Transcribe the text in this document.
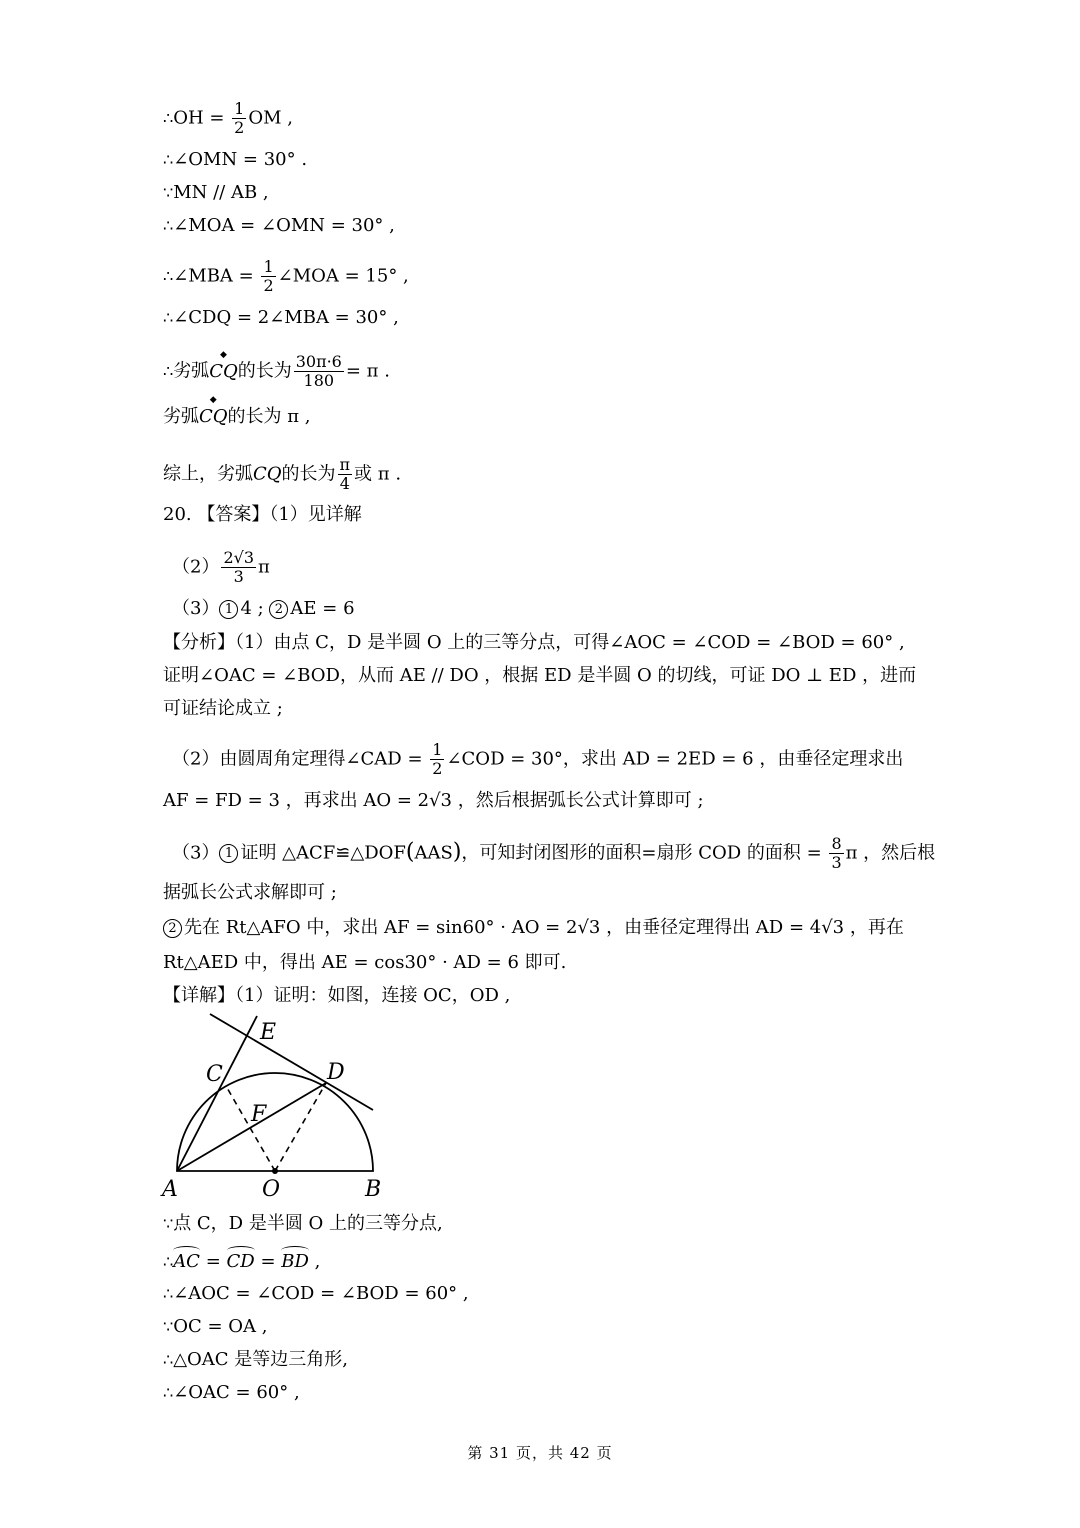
∴OH = $\frac{1}{2}$ OM ,
∴∠OMN = 30° .
∵MN // AB ,
∴∠MOA = ∠OMN = 30° ,
∴∠MBA = $\frac{1}{2}$ ∠MOA = 15° ,
∴∠CDQ = 2∠MBA = 30° ,
∴劣弧
◆
CQ的长为 $\frac{30\pi\cdot 6}{180} = \pi$ .
劣弧
◆
CQ的长为 π ,
综上，劣弧CQ的长为 $\frac{\pi}{4}$ 或 π .
20. 【答案】（1）见详解
$(2) \frac{2√3}{3}$ π
（3） 1 4 ; 2 AE = 6
【分析】（1）由点 C，D 是半圆 O 上的三等分点，可得∠AOC = ∠COD = ∠BOD = 60° ,
证明∠OAC = ∠BOD，从而 AE // DO ，根据 ED 是半圆 O 的切线，可证 DO ⊥ ED ，进而
可证结论成立 ;
（2）由圆周角定理得∠CAD = $\frac{1}{2}$ ∠COD = 30°，求出 AD = 2ED = 6 ，由垂径定理求出
AF = FD = 3 ，再求出 AO = 2√3 ，然后根据弧长公式计算即可 ;
（3） 1 证明 △ACF≌△DOF(AAS)，可知封闭图形的面积=扇形 COD 的面积 = $\frac{8}{3}$ π ，然后根
据弧长公式求解即可 ;
2 先在 Rt△AFO 中，求出 AF = sin60° · AO = 2√3 ，由垂径定理得出 AD = 4√3 ，再在
Rt△AED 中，得出 AE = cos30° · AD = 6 即可.
【详解】（1）证明：如图，连接 OC，OD ,
E
C	D
F
A	O	B
∵点 C，D 是半圆 O 上的三等分点,
∴AC = CD = BD ,
∴∠AOC = ∠COD = ∠BOD = 60° ,
∵OC = OA ,
∴△OAC 是等边三角形,
∴∠OAC = 60° ,
第 31 页，共 42 页
